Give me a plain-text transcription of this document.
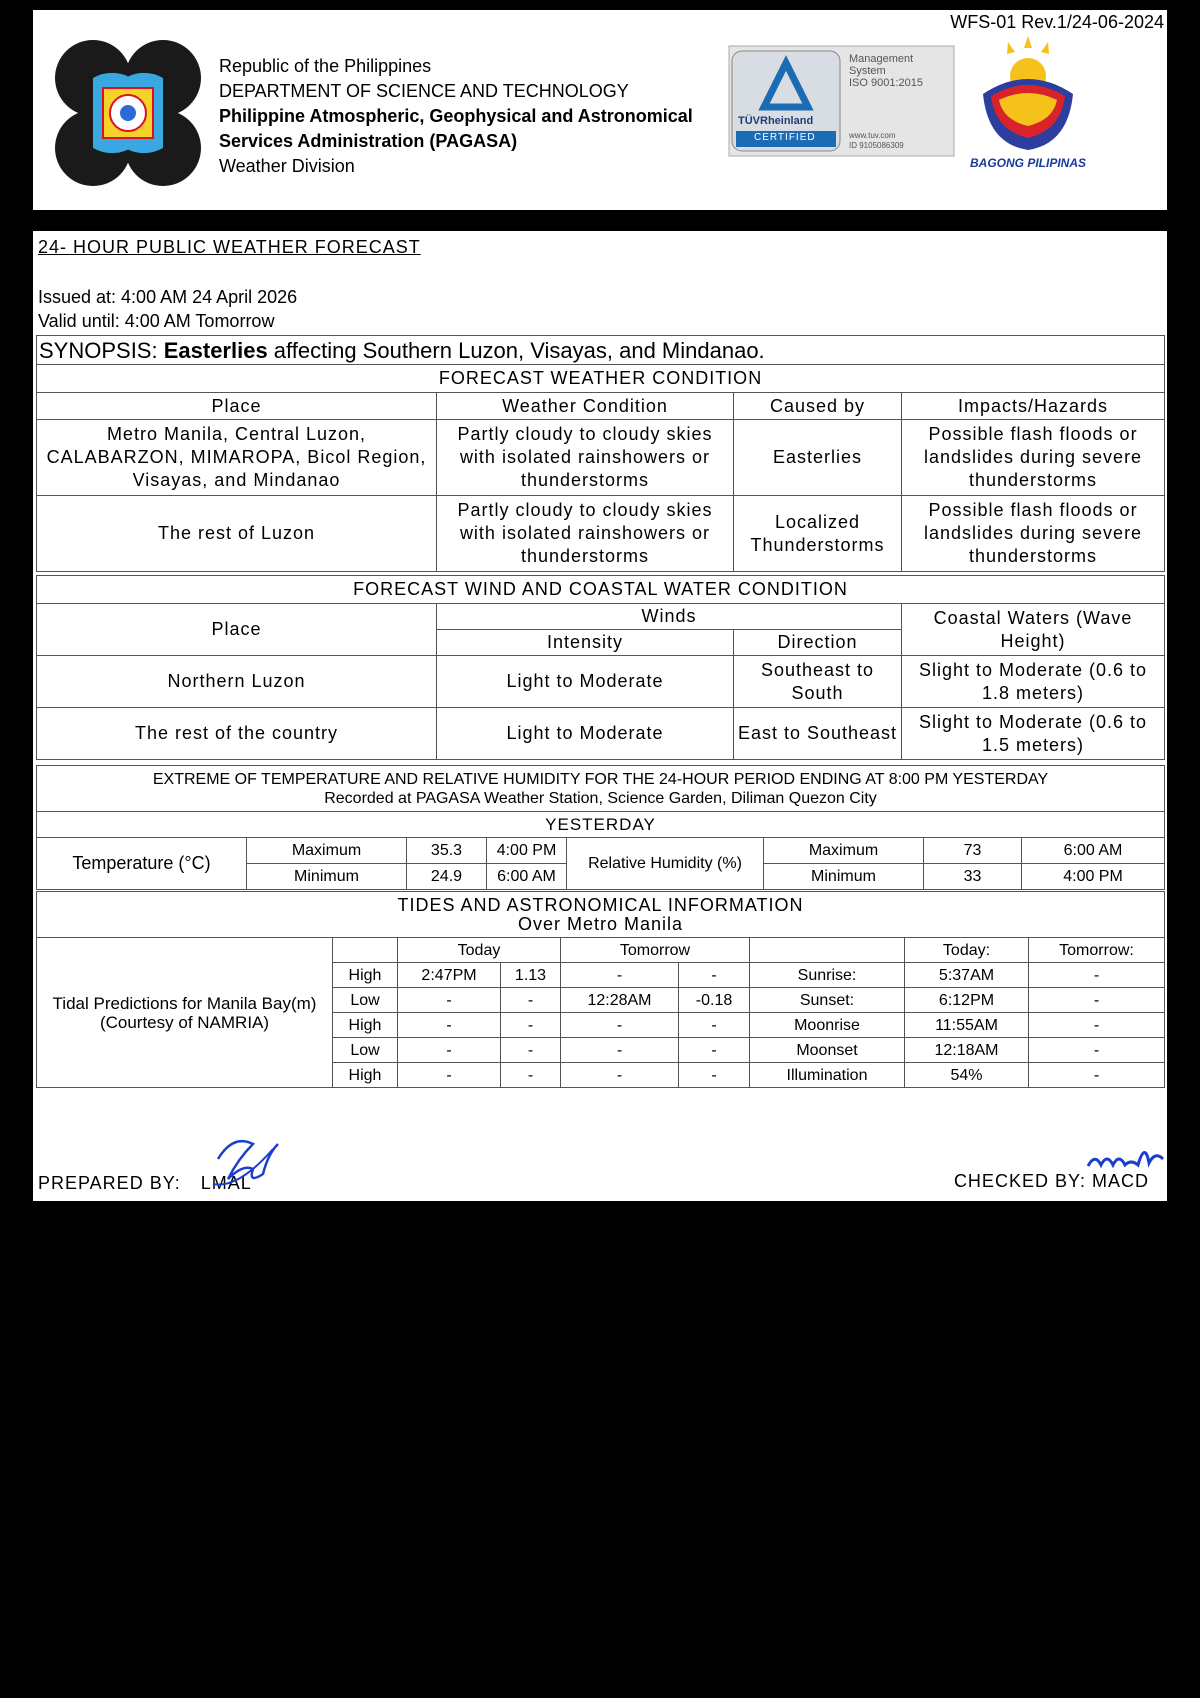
WFS-01 Rev.1/24-06-2024
Republic of the Philippines
DEPARTMENT OF SCIENCE AND TECHNOLOGY
Philippine Atmospheric, Geophysical and Astronomical
Services Administration (PAGASA)
Weather Division
TÜVRheinland
CERTIFIED
Management
System
ISO 9001:2015
www.tuv.com
ID 9105086309
BAGONG PILIPINAS
24- HOUR PUBLIC WEATHER FORECAST
Issued at: 4:00 AM 24 April 2026
Valid until: 4:00 AM Tomorrow
SYNOPSIS: Easterlies affecting Southern Luzon, Visayas, and Mindanao.			
FORECAST WEATHER CONDITION			
Place	Weather Condition	Caused by	Impacts/Hazards
Metro Manila, Central Luzon, CALABARZON, MIMAROPA, Bicol Region, Visayas, and Mindanao	Partly cloudy to cloudy skies with isolated rainshowers or thunderstorms	Easterlies	Possible flash floods or landslides during severe thunderstorms
The rest of Luzon	Partly cloudy to cloudy skies with isolated rainshowers or thunderstorms	Localized Thunderstorms	Possible flash floods or landslides during severe thunderstorms
FORECAST WIND AND COASTAL WATER CONDITION			
Place	Winds		Coastal Waters (Wave Height)
	Intensity	Direction	
Northern Luzon	Light to Moderate	Southeast to South	Slight to Moderate (0.6 to 1.8 meters)
The rest of the country	Light to Moderate	East to Southeast	Slight to Moderate (0.6 to 1.5 meters)
EXTREME OF TEMPERATURE AND RELATIVE HUMIDITY FOR THE 24-HOUR PERIOD ENDING AT 8:00 PM YESTERDAY
Recorded at PAGASA Weather Station, Science Garden, Diliman Quezon City							

YESTERDAY							
Temperature (°C)	Maximum	35.3	4:00 PM	Relative Humidity (%)	Maximum	73	6:00 AM
	Minimum	24.9	6:00 AM		Minimum	33	4:00 PM
TIDES AND ASTRONOMICAL INFORMATION
Over Metro Manila								

Tidal Predictions for Manila Bay(m) (Courtesy of NAMRIA)		Today		Tomorrow			Today:	Tomorrow:
	High	2:47PM	1.13	-	-	Sunrise:	5:37AM	-
	Low	-	-	12:28AM	-0.18	Sunset:	6:12PM	-
	High	-	-	-	-	Moonrise	11:55AM	-
	Low	-	-	-	-	Moonset	12:18AM	-
	High	-	-	-	-	Illumination	54%	-
PREPARED BY: LMAL	CHECKED BY: MACD
